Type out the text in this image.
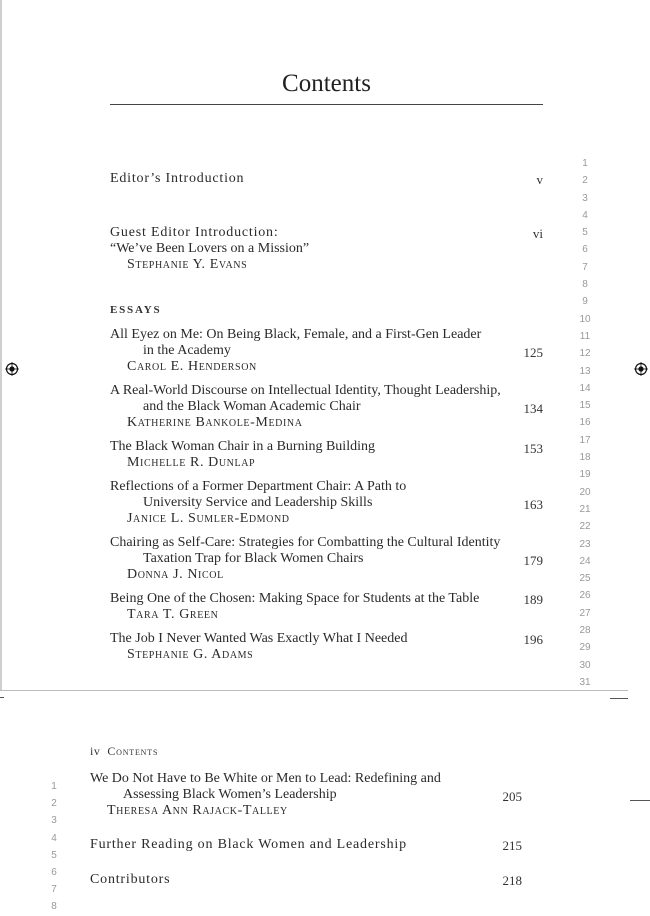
Contents
1
2
3
4
5
6
7
8
9
10
11
12
13
14
15
16
17
18
19
20
21
22
23
24
25
26
27
28
29
30
31
Editor’s Introduction	v
Guest Editor Introduction:
“We’ve Been Lovers on a Mission”
Stephanie Y. Evans
vi
ESSAYS
All Eyez on Me: On Being Black, Female, and a First-Gen Leader
in the Academy
Carol E. Henderson
125
A Real-World Discourse on Intellectual Identity, Thought Leadership,
and the Black Woman Academic Chair
Katherine Bankole-Medina
134
The Black Woman Chair in a Burning Building
Michelle R. Dunlap
153
Reflections of a Former Department Chair: A Path to
University Service and Leadership Skills
Janice L. Sumler-Edmond
163
Chairing as Self-Care: Strategies for Combatting the Cultural Identity
Taxation Trap for Black Women Chairs
Donna J. Nicol
179
Being One of the Chosen: Making Space for Students at the Table
Tara T. Green
189
The Job I Never Wanted Was Exactly What I Needed
Stephanie G. Adams
196
iv Contents
1
2
3
4
5
6
7
8
We Do Not Have to Be White or Men to Lead: Redefining and
Assessing Black Women’s Leadership
Theresa Ann Rajack-Talley
205
Further Reading on Black Women and Leadership	215
Contributors	218
